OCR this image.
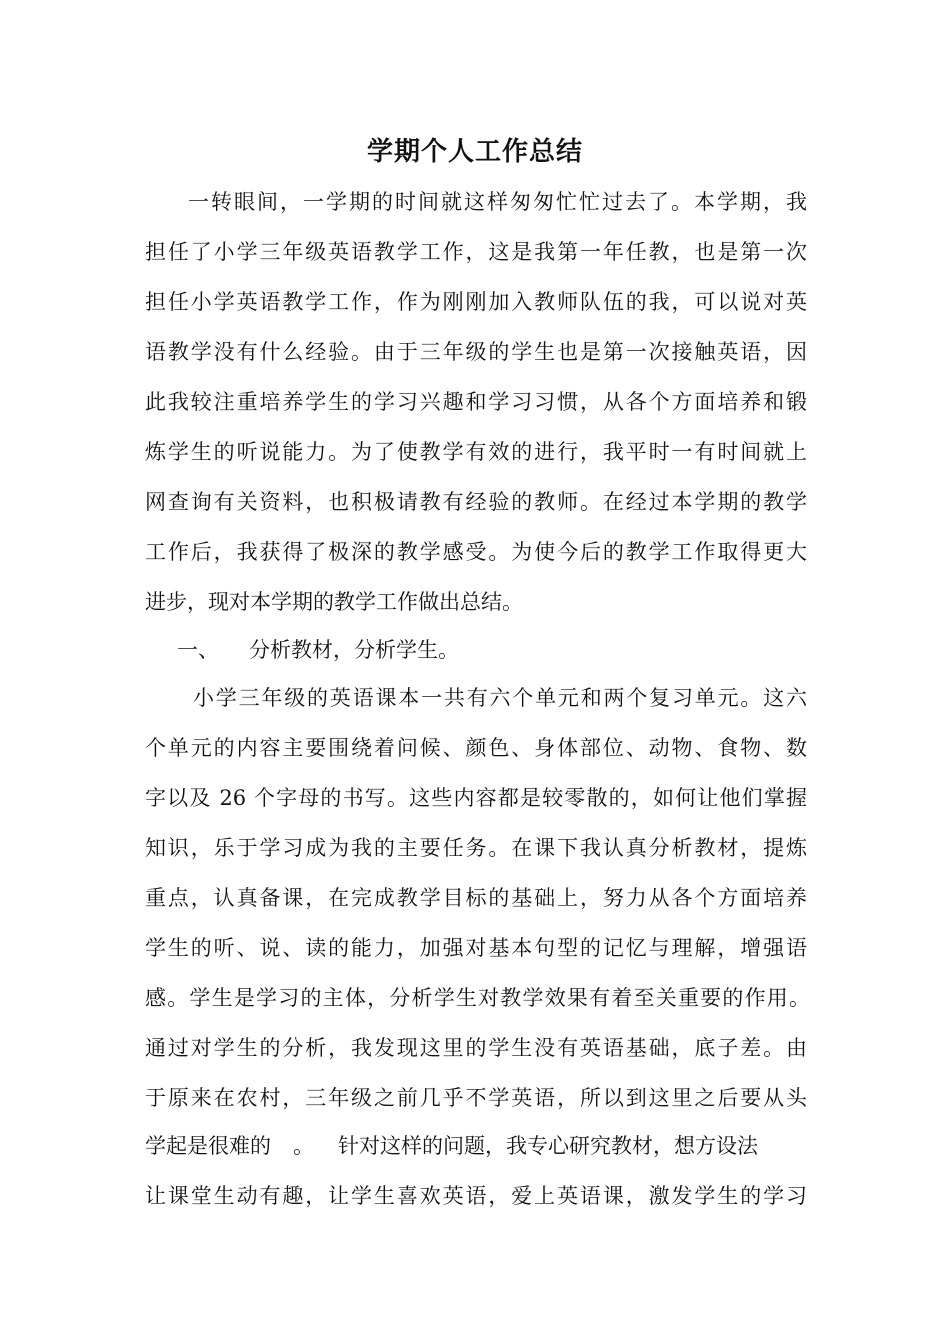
学期个人工作总结

一转眼间，一学期的时间就这样匆匆忙忙过去了。本学期，我

担任了小学三年级英语教学工作，这是我第一年任教，也是第一次

担任小学英语教学工作，作为刚刚加入教师队伍的我，可以说对英

语教学没有什么经验。由于三年级的学生也是第一次接触英语，因

此我较注重培养学生的学习兴趣和学习习惯，从各个方面培养和锻

炼学生的听说能力。为了使教学有效的进行，我平时一有时间就上

网查询有关资料，也积极请教有经验的教师。在经过本学期的教学

工作后，我获得了极深的教学感受。为使今后的教学工作取得更大

进步，现对本学期的教学工作做出总结。

一、 分析教材，分析学生。

小学三年级的英语课本一共有六个单元和两个复习单元。这六

个单元的内容主要围绕着问候、颜色、身体部位、动物、食物、数

字以及 26 个字母的书写。这些内容都是较零散的，如何让他们掌握

知识，乐于学习成为我的主要任务。在课下我认真分析教材，提炼

重点，认真备课，在完成教学目标的基础上，努力从各个方面培养

学生的听、说、读的能力，加强对基本句型的记忆与理解，增强语

感。学生是学习的主体，分析学生对教学效果有着至关重要的作用。

通过对学生的分析，我发现这里的学生没有英语基础，底子差。由

于原来在农村，三年级之前几乎不学英语，所以到这里之后要从头

学起是很难的 。 针对这样的问题，我专心研究教材，想方设法

让课堂生动有趣，让学生喜欢英语，爱上英语课，激发学生的学习
